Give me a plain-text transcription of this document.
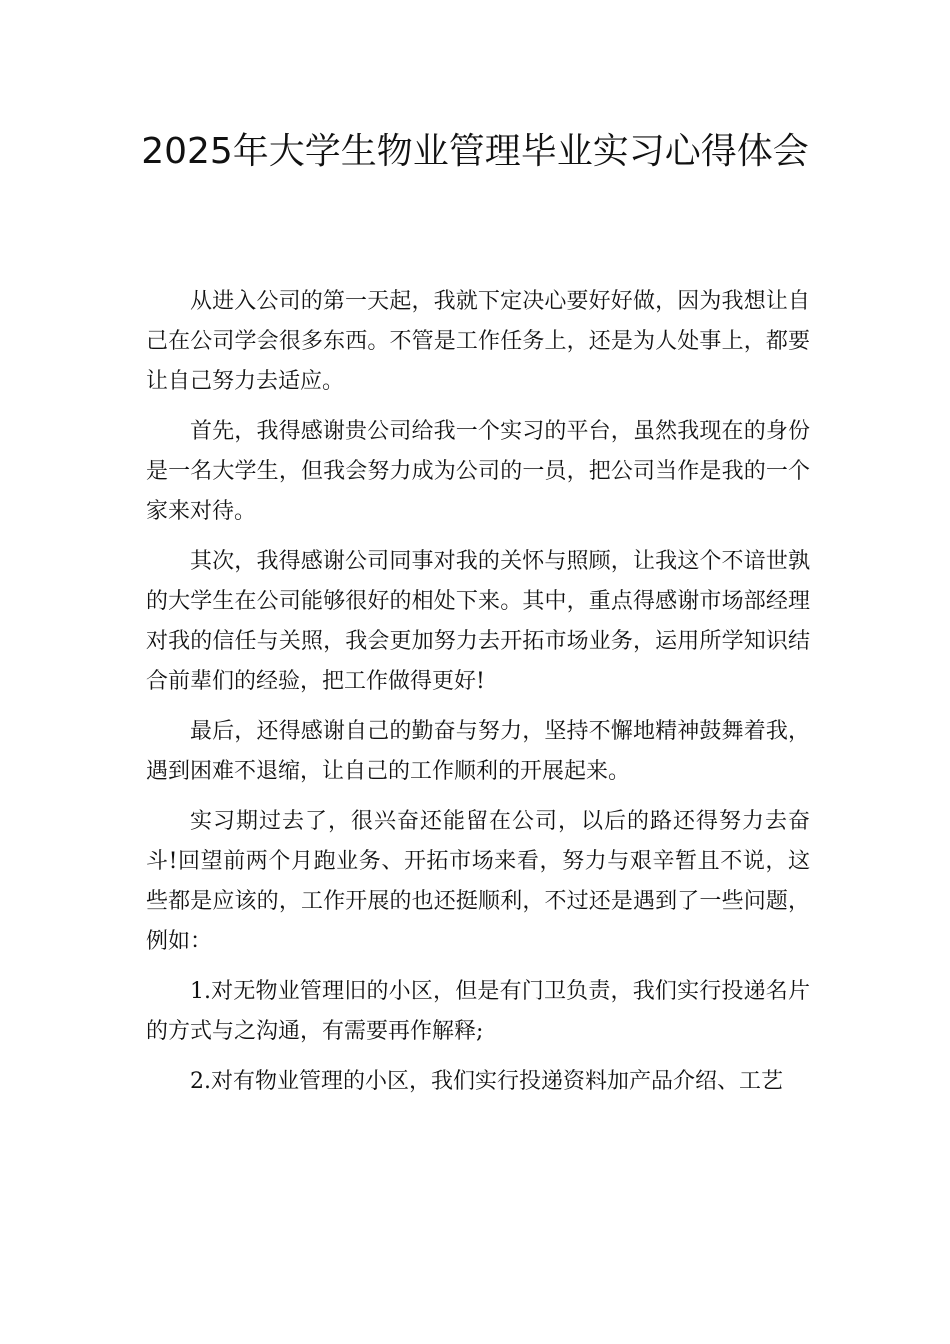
2025年大学生物业管理毕业实习心得体会

从进入公司的第一天起，我就下定决心要好好做，因为我想让自己在公司学会很多东西。不管是工作任务上，还是为人处事上，都要让自己努力去适应。

首先，我得感谢贵公司给我一个实习的平台，虽然我现在的身份是一名大学生，但我会努力成为公司的一员，把公司当作是我的一个家来对待。

其次，我得感谢公司同事对我的关怀与照顾，让我这个不谙世孰的大学生在公司能够很好的相处下来。其中，重点得感谢市场部经理对我的信任与关照，我会更加努力去开拓市场业务，运用所学知识结合前辈们的经验，把工作做得更好!

最后，还得感谢自己的勤奋与努力，坚持不懈地精神鼓舞着我，遇到困难不退缩，让自己的工作顺利的开展起来。

实习期过去了，很兴奋还能留在公司，以后的路还得努力去奋斗!回望前两个月跑业务、开拓市场来看，努力与艰辛暂且不说，这些都是应该的，工作开展的也还挺顺利，不过还是遇到了一些问题，例如：

1.对无物业管理旧的小区，但是有门卫负责，我们实行投递名片的方式与之沟通，有需要再作解释;

2.对有物业管理的小区，我们实行投递资料加产品介绍、工艺
